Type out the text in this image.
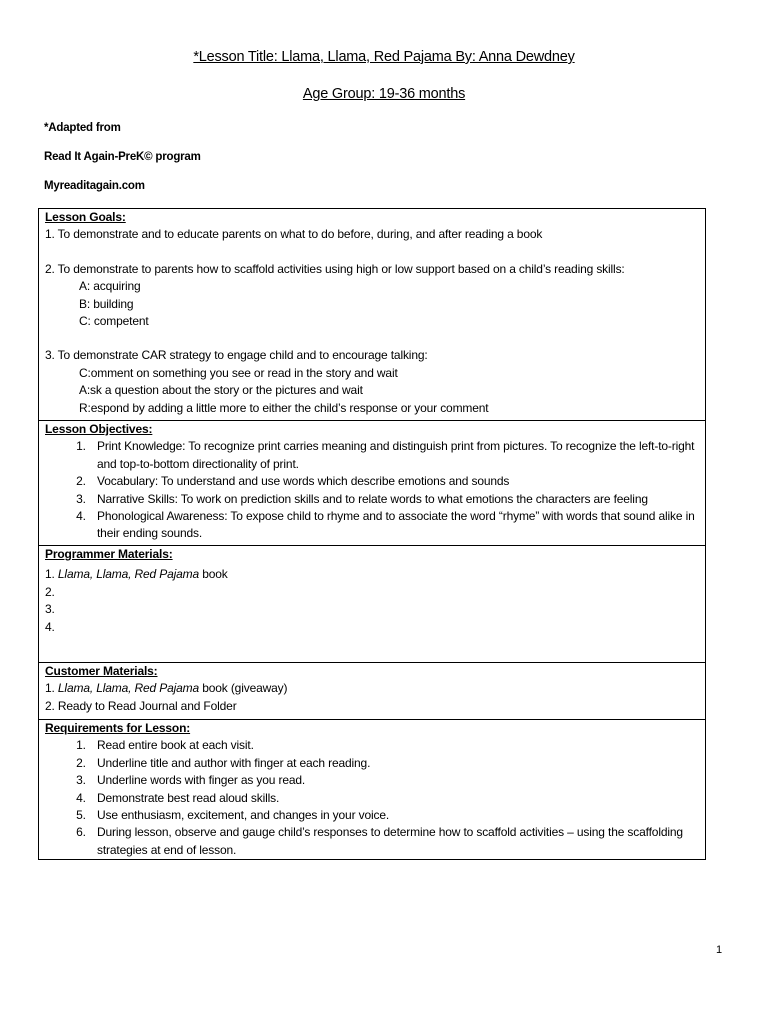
*Lesson Title: Llama, Llama, Red Pajama By: Anna Dewdney
Age Group: 19-36 months
*Adapted from
Read It Again-PreK© program
Myreaditagain.com
Lesson Goals:
1. To demonstrate and to educate parents on what to do before, during, and after reading a book
2. To demonstrate to parents how to scaffold activities using high or low support based on a child’s reading skills:
A: acquiring
B: building
C: competent
3. To demonstrate CAR strategy to engage child and to encourage talking:
C:omment on something you see or read in the story and wait
A:sk a question about the story or the pictures and wait
R:espond by adding a little more to either the child’s response or your comment

Lesson Objectives:
1. Print Knowledge: To recognize print carries meaning and distinguish print from pictures. To recognize the left-to-right and top-to-bottom directionality of print.
2. Vocabulary: To understand and use words which describe emotions and sounds
3. Narrative Skills: To work on prediction skills and to relate words to what emotions the characters are feeling
4. Phonological Awareness: To expose child to rhyme and to associate the word “rhyme” with words that sound alike in their ending sounds.

Programmer Materials:
1. Llama, Llama, Red Pajama book
2.
3.
4.

Customer Materials:
1. Llama, Llama, Red Pajama book (giveaway)
2. Ready to Read Journal and Folder

Requirements for Lesson:
1. Read entire book at each visit.
2. Underline title and author with finger at each reading.
3. Underline words with finger as you read.
4. Demonstrate best read aloud skills.
5. Use enthusiasm, excitement, and changes in your voice.
6. During lesson, observe and gauge child’s responses to determine how to scaffold activities – using the scaffolding strategies at end of lesson.
1
